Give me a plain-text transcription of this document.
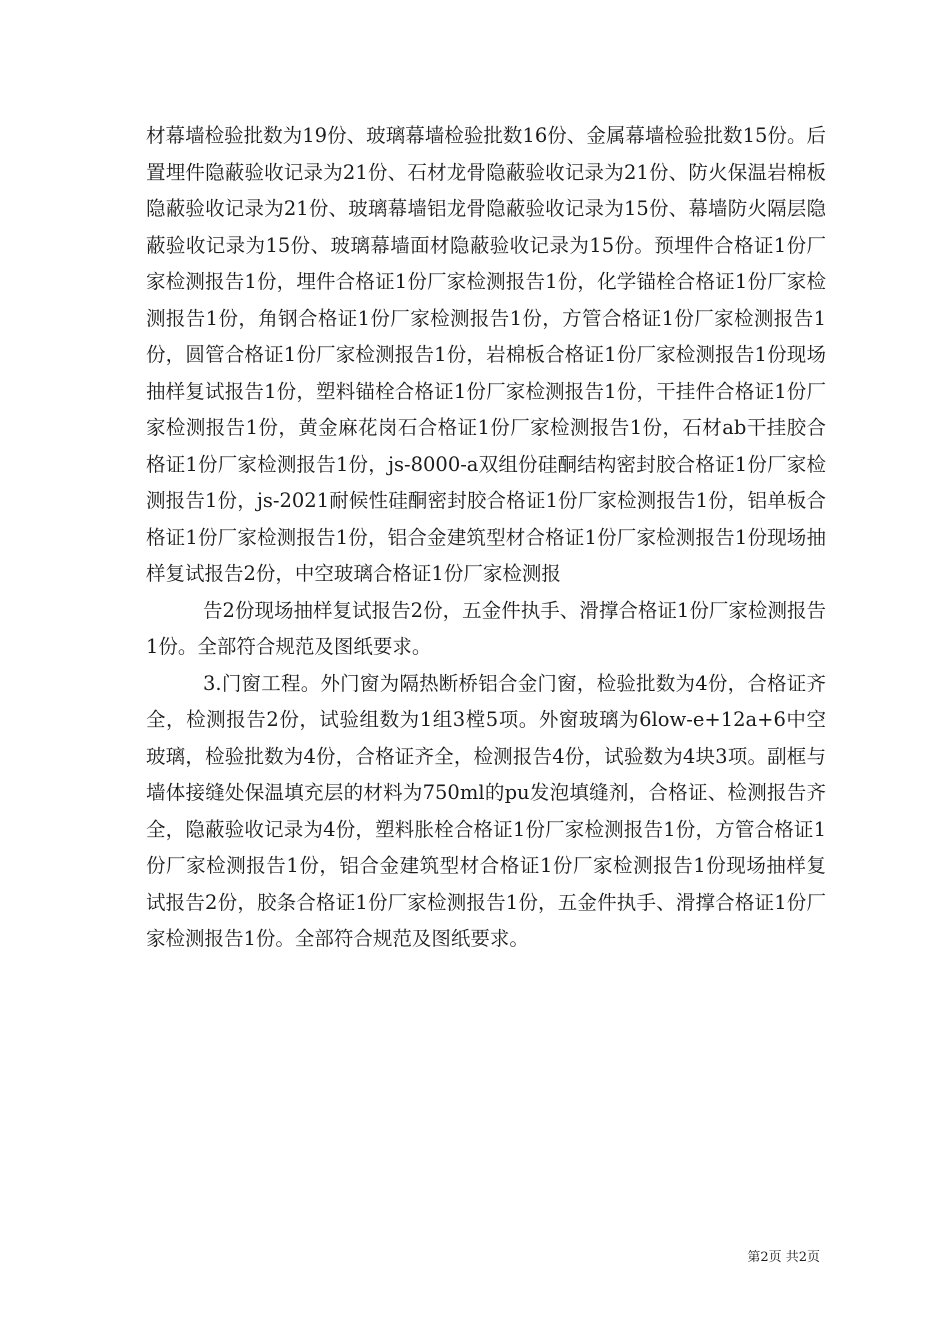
材幕墙检验批数为19份、玻璃幕墙检验批数16份、金属幕墙检验批数15份。后置埋件隐蔽验收记录为21份、石材龙骨隐蔽验收记录为21份、防火保温岩棉板隐蔽验收记录为21份、玻璃幕墙铝龙骨隐蔽验收记录为15份、幕墙防火隔层隐蔽验收记录为15份、玻璃幕墙面材隐蔽验收记录为15份。预埋件合格证1份厂家检测报告1份，埋件合格证1份厂家检测报告1份，化学锚栓合格证1份厂家检测报告1份，角钢合格证1份厂家检测报告1份，方管合格证1份厂家检测报告1份，圆管合格证1份厂家检测报告1份，岩棉板合格证1份厂家检测报告1份现场抽样复试报告1份，塑料锚栓合格证1份厂家检测报告1份，干挂件合格证1份厂家检测报告1份，黄金麻花岗石合格证1份厂家检测报告1份，石材ab干挂胶合格证1份厂家检测报告1份，js-8000-a双组份硅酮结构密封胶合格证1份厂家检测报告1份，js-2021耐候性硅酮密封胶合格证1份厂家检测报告1份，铝单板合格证1份厂家检测报告1份，铝合金建筑型材合格证1份厂家检测报告1份现场抽样复试报告2份，中空玻璃合格证1份厂家检测报

告2份现场抽样复试报告2份，五金件执手、滑撑合格证1份厂家检测报告1份。全部符合规范及图纸要求。

3.门窗工程。外门窗为隔热断桥铝合金门窗，检验批数为4份，合格证齐全，检测报告2份，试验组数为1组3樘5项。外窗玻璃为6low-e+12a+6中空玻璃，检验批数为4份，合格证齐全，检测报告4份，试验数为4块3项。副框与墙体接缝处保温填充层的材料为750ml的pu发泡填缝剂，合格证、检测报告齐全，隐蔽验收记录为4份，塑料胀栓合格证1份厂家检测报告1份，方管合格证1份厂家检测报告1份，铝合金建筑型材合格证1份厂家检测报告1份现场抽样复试报告2份，胶条合格证1份厂家检测报告1份，五金件执手、滑撑合格证1份厂家检测报告1份。全部符合规范及图纸要求。

第2页 共2页
